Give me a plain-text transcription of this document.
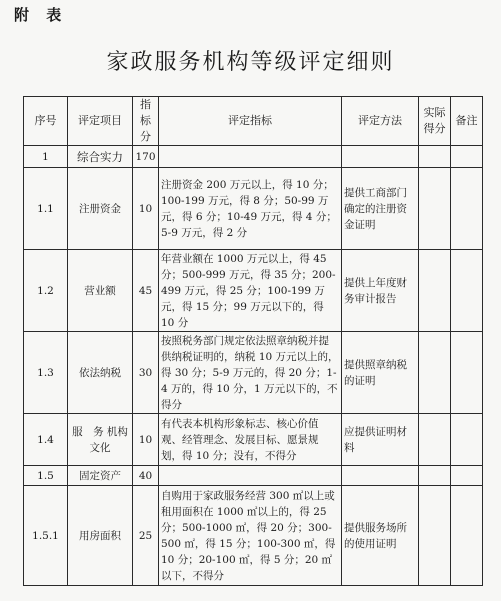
附 表
家政服务机构等级评定细则
序号	评定项目	指标分	评定指标	评定方法	实际得分	备注
1	综合实力	170				
1.1	注册资金	10	注册资金 200 万元以上，得 10 分；100-199 万元，得 8 分；50-99 万元，得 6 分；10-49 万元，得 4 分；5-9 万元，得 2 分	提供工商部门确定的注册资金证明		
1.2	营业额	45	年营业额在 1000 万元以上，得 45 分；500-999 万元，得 35 分；200-499 万元，得 25 分；100-199 万元，得 15 分；99 万元以下的，得 10 分	提供上年度财务审计报告		
1.3	依法纳税	30	按照税务部门规定依法照章纳税并提供纳税证明的，纳税 10 万元以上的，得 30 分；5-9 万元的，得 20 分；1-4 万的，得 10 分，1 万元以下的，不得分	提供照章纳税的证明		
1.4	服　务 机构文化	10	有代表本机构形象标志、核心价值观、经管理念、发展目标、愿景规划，得 10 分；没有，不得分	应提供证明材料		
1.5	固定资产	40				
1.5.1	用房面积	25	自购用于家政服务经营 300 ㎡以上或租用面积在 1000 ㎡以上的，得 25 分；500-1000 ㎡，得 20 分；300-500 ㎡，得 15 分；100-300 ㎡，得 10 分；20-100 ㎡，得 5 分；20 ㎡以下，不得分	提供服务场所的使用证明		
